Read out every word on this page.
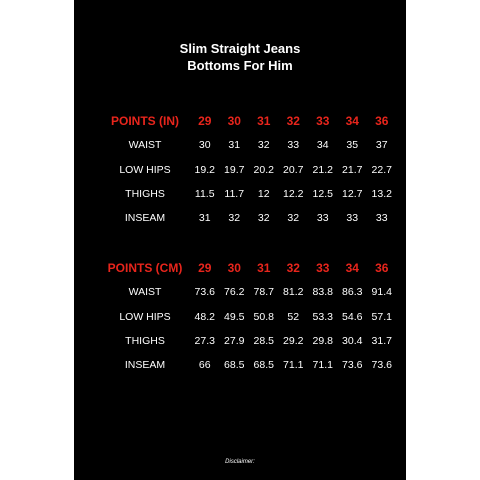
Slim Straight Jeans
Bottoms For Him
POINTS (IN)	29	30	31	32	33	34	36
WAIST	30	31	32	33	34	35	37
LOW HIPS	19.2	19.7	20.2	20.7	21.2	21.7	22.7
THIGHS	11.5	11.7	12	12.2	12.5	12.7	13.2
INSEAM	31	32	32	32	33	33	33
POINTS (CM)	29	30	31	32	33	34	36
WAIST	73.6	76.2	78.7	81.2	83.8	86.3	91.4
LOW HIPS	48.2	49.5	50.8	52	53.3	54.6	57.1
THIGHS	27.3	27.9	28.5	29.2	29.8	30.4	31.7
INSEAM	66	68.5	68.5	71.1	71.1	73.6	73.6
Disclaimer:
